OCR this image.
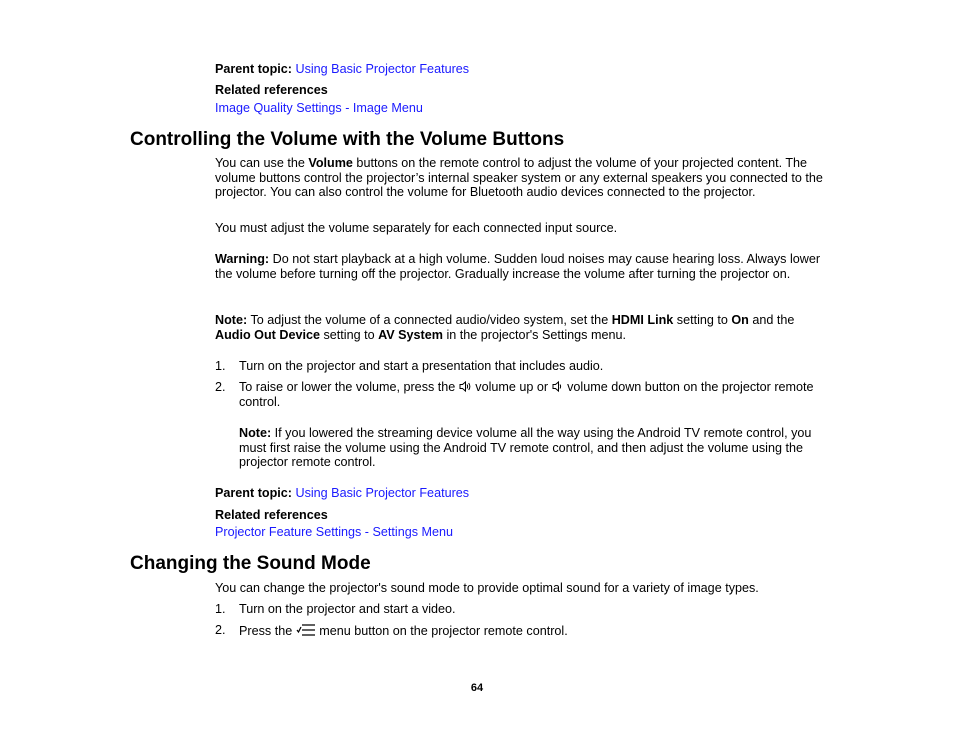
Parent topic: Using Basic Projector Features
Related references
Image Quality Settings - Image Menu
Controlling the Volume with the Volume Buttons
You can use the Volume buttons on the remote control to adjust the volume of your projected content. The volume buttons control the projector’s internal speaker system or any external speakers you connected to the projector. You can also control the volume for Bluetooth audio devices connected to the projector.
You must adjust the volume separately for each connected input source.
Warning: Do not start playback at a high volume. Sudden loud noises may cause hearing loss. Always lower the volume before turning off the projector. Gradually increase the volume after turning the projector on.
Note: To adjust the volume of a connected audio/video system, set the HDMI Link setting to On and the Audio Out Device setting to AV System in the projector's Settings menu.
1. Turn on the projector and start a presentation that includes audio.
2. To raise or lower the volume, press the  volume up or  volume down button on the projector remote control.
Note: If you lowered the streaming device volume all the way using the Android TV remote control, you must first raise the volume using the Android TV remote control, and then adjust the volume using the projector remote control.
Parent topic: Using Basic Projector Features
Related references
Projector Feature Settings - Settings Menu
Changing the Sound Mode
You can change the projector's sound mode to provide optimal sound for a variety of image types.
1. Turn on the projector and start a video.
2. Press the  menu button on the projector remote control.
64
